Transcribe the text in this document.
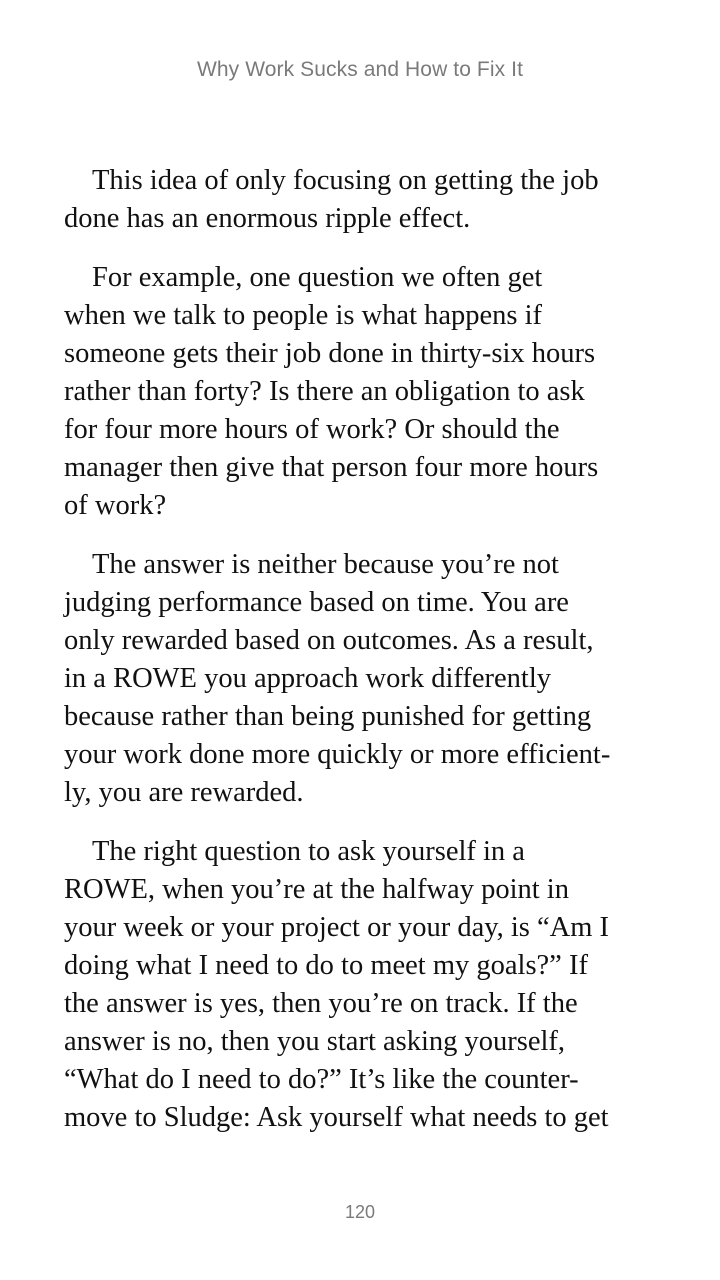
Why Work Sucks and How to Fix It
This idea of only focusing on getting the job
done has an enormous ripple effect.
For example, one question we often get
when we talk to people is what happens if
someone gets their job done in thirty-six hours
rather than forty? Is there an obligation to ask
for four more hours of work? Or should the
manager then give that person four more hours
of work?
The answer is neither because you’re not
judging performance based on time. You are
only rewarded based on outcomes. As a result,
in a ROWE you approach work differently
because rather than being punished for getting
your work done more quickly or more efficient-
ly, you are rewarded.
The right question to ask yourself in a
ROWE, when you’re at the halfway point in
your week or your project or your day, is “Am I
doing what I need to do to meet my goals?” If
the answer is yes, then you’re on track. If the
answer is no, then you start asking yourself,
“What do I need to do?” It’s like the counter-
move to Sludge: Ask yourself what needs to get
120
